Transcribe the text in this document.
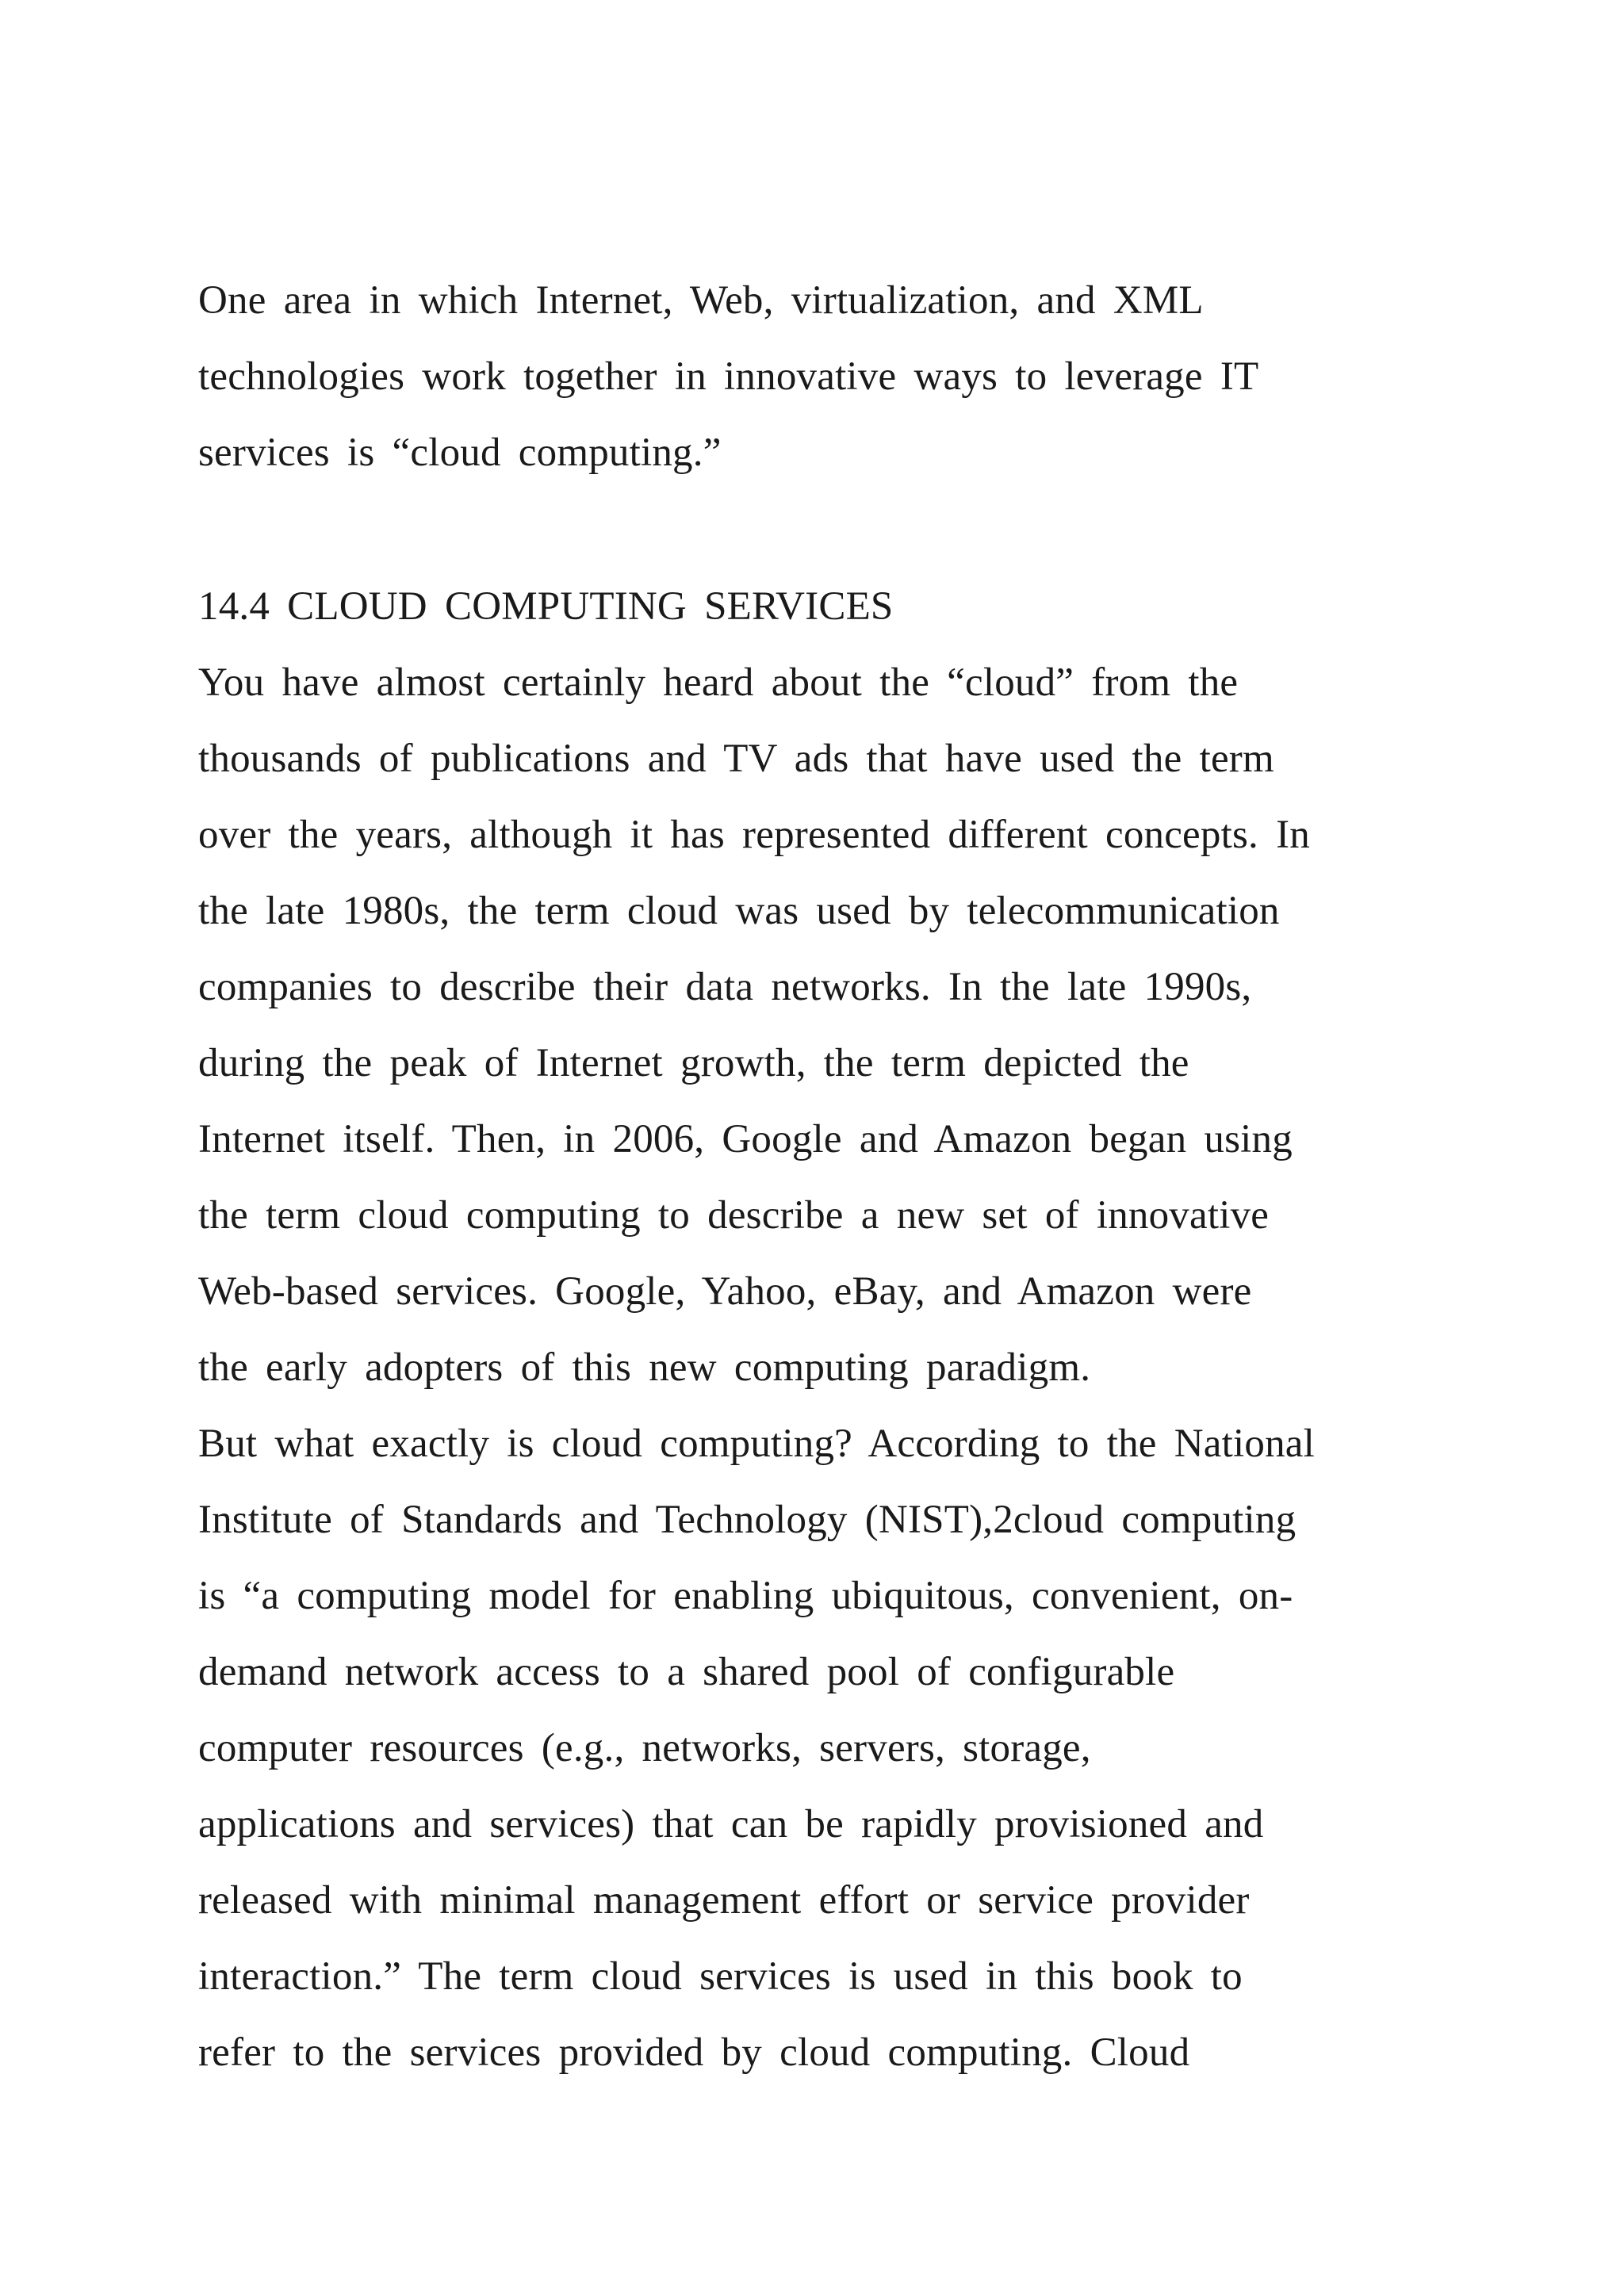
One area in which Internet, Web, virtualization, and XML
technologies work together in innovative ways to leverage IT
services is “cloud computing.”
14.4 CLOUD COMPUTING SERVICES
You have almost certainly heard about the “cloud” from the
thousands of publications and TV ads that have used the term
over the years, although it has represented different concepts. In
the late 1980s, the term cloud was used by telecommunication
companies to describe their data networks. In the late 1990s,
during the peak of Internet growth, the term depicted the
Internet itself. Then, in 2006, Google and Amazon began using
the term cloud computing to describe a new set of innovative
Web-based services. Google, Yahoo, eBay, and Amazon were
the early adopters of this new computing paradigm.
But what exactly is cloud computing? According to the National
Institute of Standards and Technology (NIST),2cloud computing
is “a computing model for enabling ubiquitous, convenient, on-
demand network access to a shared pool of configurable
computer resources (e.g., networks, servers, storage,
applications and services) that can be rapidly provisioned and
released with minimal management effort or service provider
interaction.” The term cloud services is used in this book to
refer to the services provided by cloud computing. Cloud
